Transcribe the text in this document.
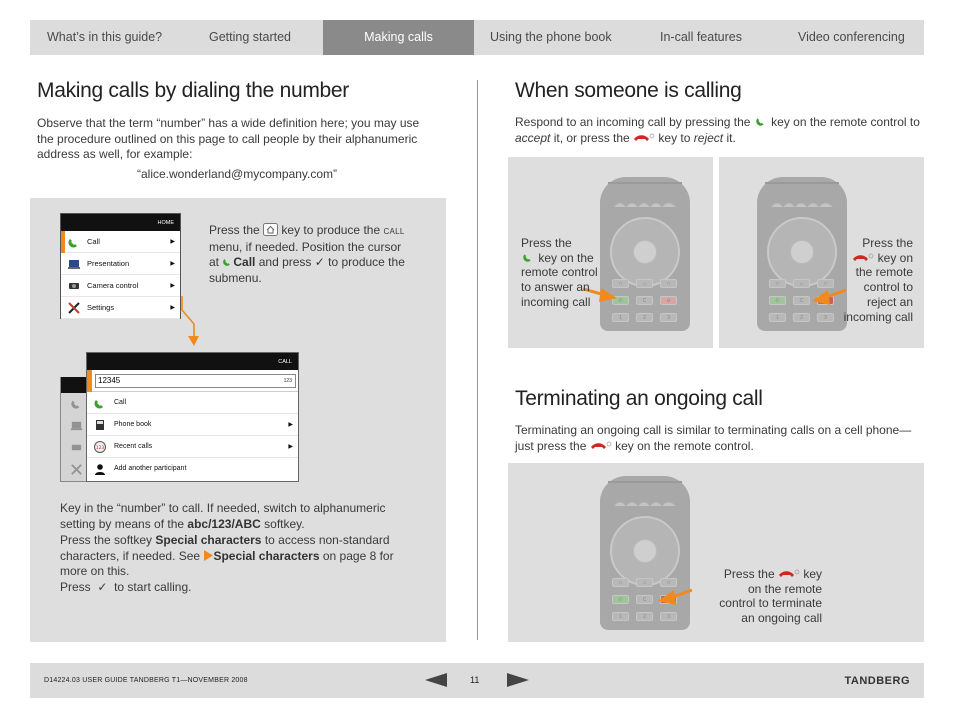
What’s in this guide?	Getting started	Making calls	Using the phone book	In-call features	Video conferencing
Making calls by dialing the number
Observe that the term “number” has a wide definition here; you may use the procedure outlined on this page to call people by their alphanumeric address as well, for example:
“alice.wonderland@mycompany.com”
HOME
Call	▶
Presentation	▶
Camera control	▶
Settings	▶
Press the key to produce the CALL menu, if needed. Position the cursor at Call and press ✓ to produce the submenu.
CALL
12345	123
Call
Phone book	▶
123 Recent calls	▶
Add another participant
Key in the “number” to call. If needed, switch to alphanumeric setting by means of the abc/123/ABC softkey.
Press the softkey Special characters to access non-standard characters, if needed. See Special characters on page 8 for more on this.
Press ✓ to start calling.
When someone is calling
Respond to an incoming call by pressing the key on the remote control to accept it, or press the key to reject it.
□	⌂	□
✆	C	⊖
1	2	3
Press the
key on the remote control to answer an incoming call
□	⌂	□
✆	C
1	2	3
Press the
key on the remote control to reject an incoming call
Terminating an ongoing call
Terminating an ongoing call is similar to terminating calls on a cell phone—just press the key on the remote control.
□	⌂	□
✆	C
1	2	3
Press the key on the remote control to terminate an ongoing call
D14224.03 USER GUIDE TANDBERG T1—NOVEMBER 2008	11	TANDBERG
